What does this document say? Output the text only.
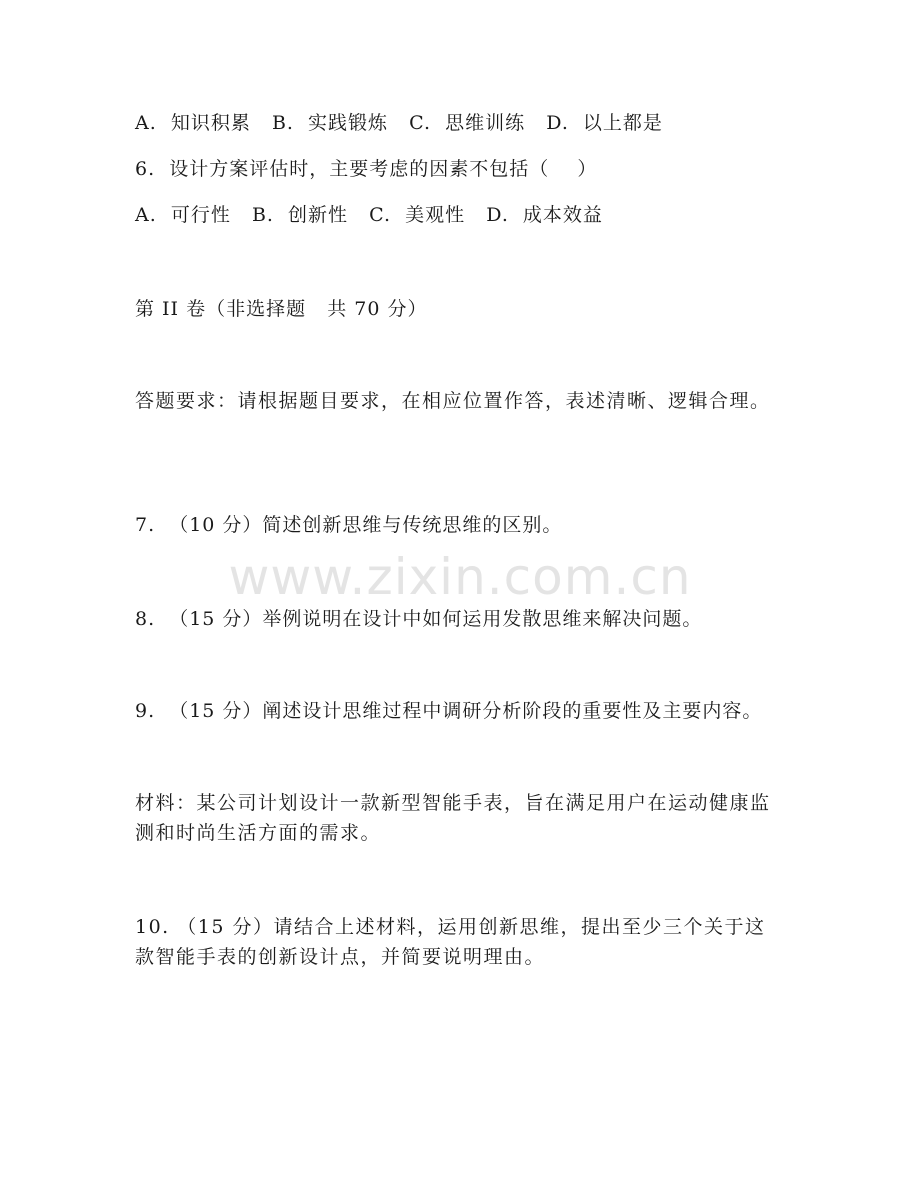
www.zixin.com.cn
A.  知识积累   B.  实践锻炼   C.  思维训练   D.  以上都是
6.  设计方案评估时，主要考虑的因素不包括（    ）
A.  可行性   B.  创新性   C.  美观性   D.  成本效益
第 II 卷（非选择题   共 70 分）
答题要求：请根据题目要求，在相应位置作答，表述清晰、逻辑合理。
7.  （10 分）简述创新思维与传统思维的区别。
8.  （15 分）举例说明在设计中如何运用发散思维来解决问题。
9.  （15 分）阐述设计思维过程中调研分析阶段的重要性及主要内容。
材料：某公司计划设计一款新型智能手表，旨在满足用户在运动健康监测和时尚生活方面的需求。
10. （15 分）请结合上述材料，运用创新思维，提出至少三个关于这款智能手表的创新设计点，并简要说明理由。
